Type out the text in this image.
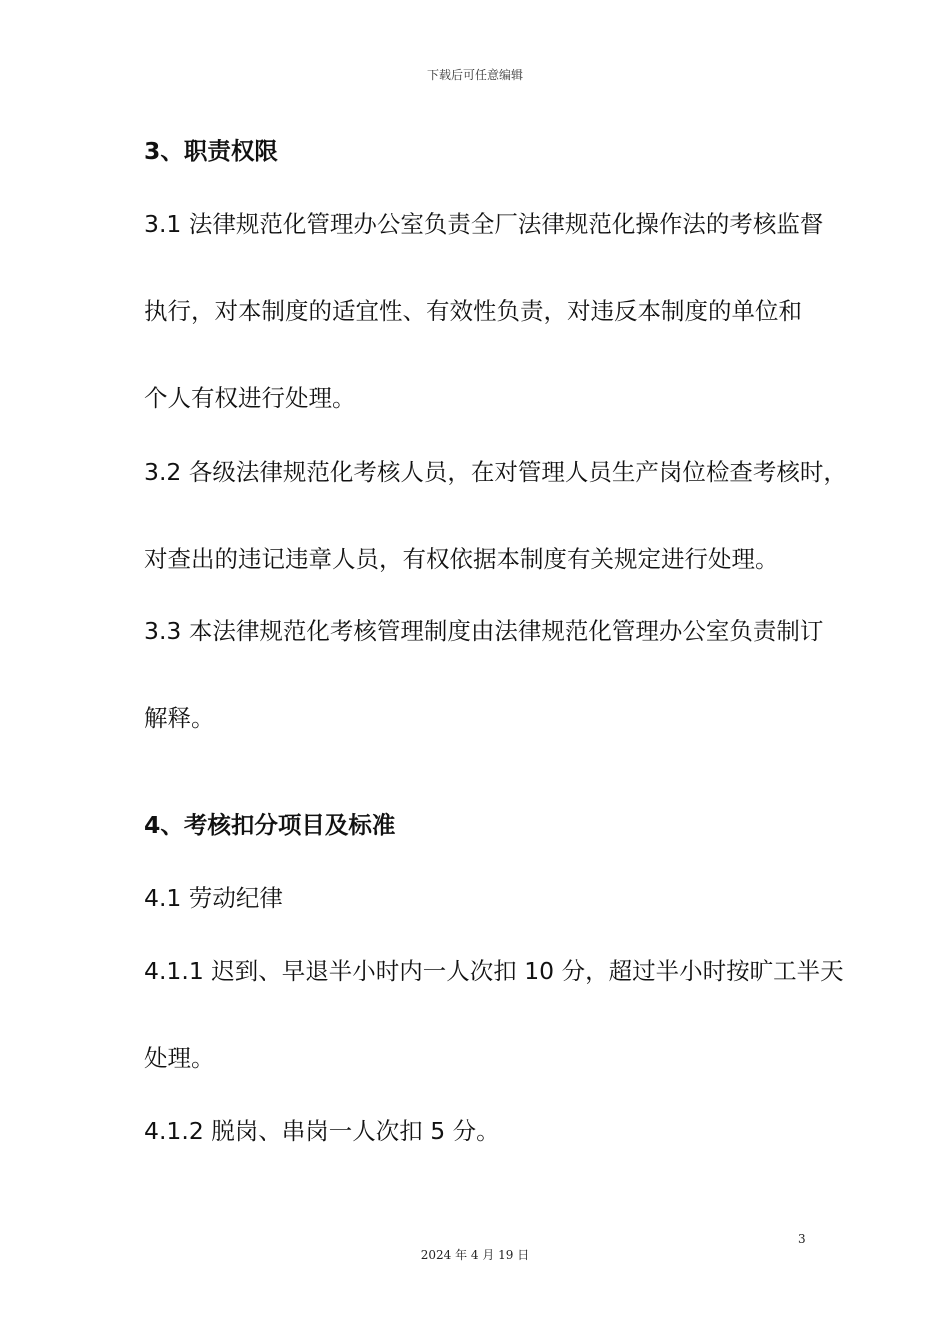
下载后可任意编辑
3、职责权限
3.1 法律规范化管理办公室负责全厂法律规范化操作法的考核监督
执行，对本制度的适宜性、有效性负责，对违反本制度的单位和
个人有权进行处理。
3.2 各级法律规范化考核人员，在对管理人员生产岗位检查考核时，
对查出的违记违章人员，有权依据本制度有关规定进行处理。
3.3 本法律规范化考核管理制度由法律规范化管理办公室负责制订
解释。
4、考核扣分项目及标准
4.1 劳动纪律
4.1.1 迟到、早退半小时内一人次扣 10 分，超过半小时按旷工半天
处理。
4.1.2 脱岗、串岗一人次扣 5 分。
3
2024 年 4 月 19 日
